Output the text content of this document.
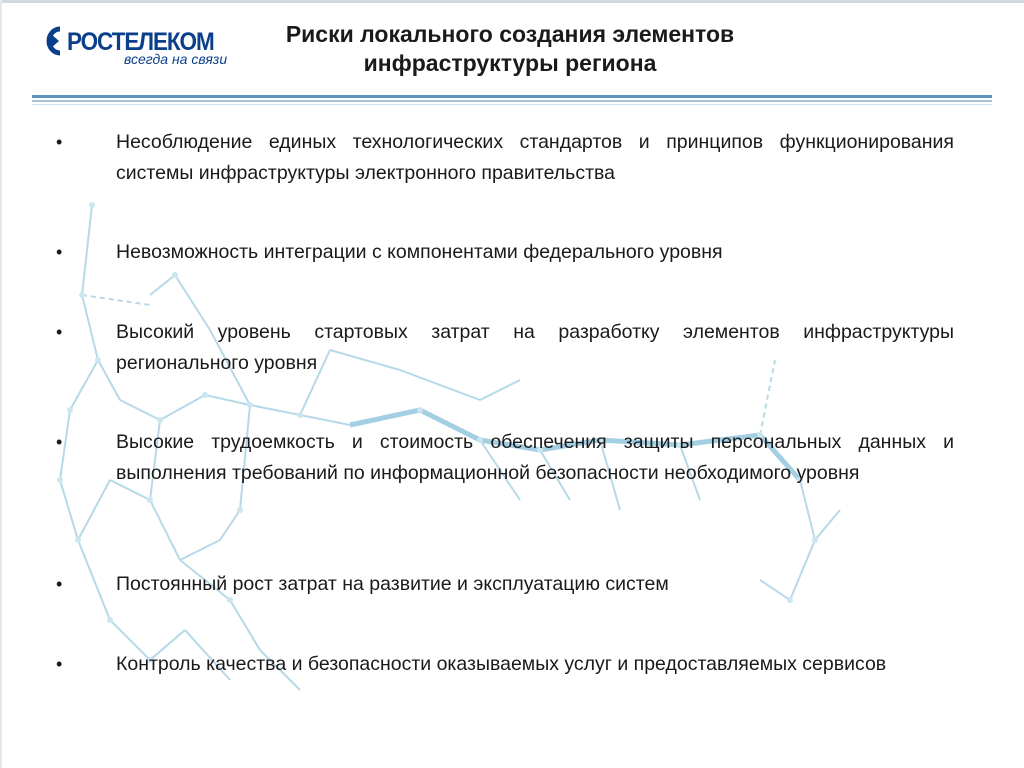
РОСТЕЛЕКОМ
всегда на связи
Риски локального создания элементов
инфраструктуры региона
•	Несоблюдение единых технологических стандартов и принципов функционирования системы инфраструктуры электронного правительства
•	Невозможность интеграции с компонентами федерального уровня
•	Высокий уровень стартовых затрат на разработку элементов инфраструктуры регионального уровня
•	Высокие трудоемкость и стоимость обеспечения защиты персональных данных и выполнения требований по информационной безопасности необходимого уровня
•	Постоянный рост затрат на развитие и эксплуатацию систем
•	Контроль качества и безопасности оказываемых услуг и предоставляемых сервисов
